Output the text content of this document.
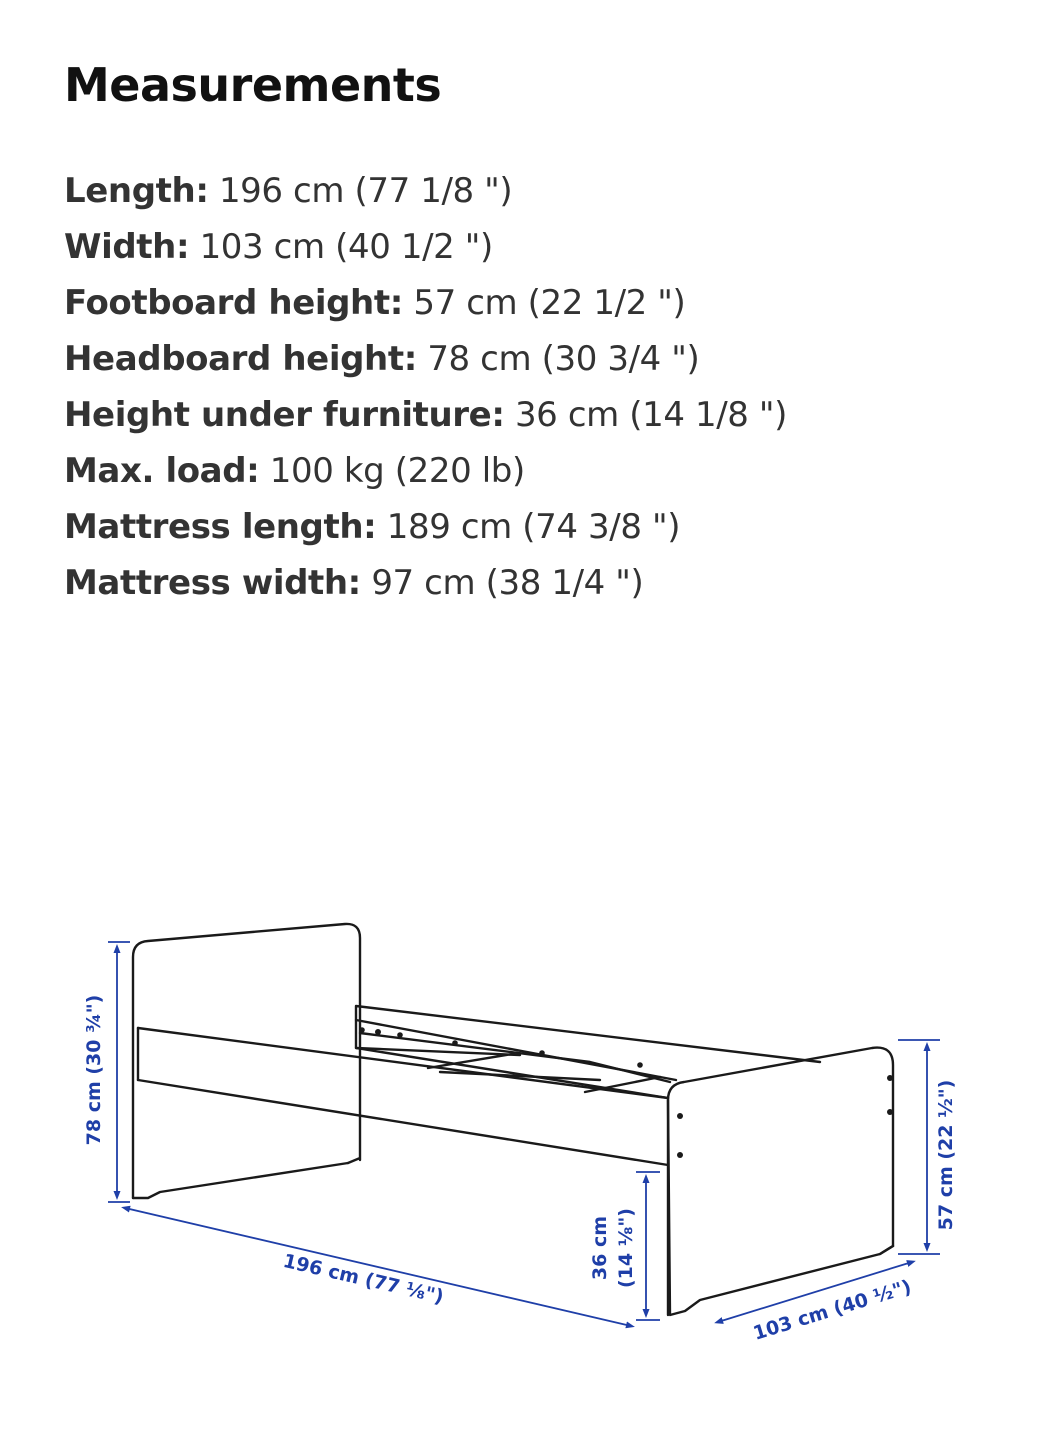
Measurements
Length: 196 cm (77 1/8 ")
Width: 103 cm (40 1/2 ")
Footboard height: 57 cm (22 1/2 ")
Headboard height: 78 cm (30 3/4 ")
Height under furniture: 36 cm (14 1/8 ")
Max. load: 100 kg (220 lb)
Mattress length: 189 cm (74 3/8 ")
Mattress width: 97 cm (38 1/4 ")
78 cm (30 ¾")
196 cm (77 ⅛")	36 cm (14 ⅛")
57 cm (22 ½")
103 cm (40 ½")
